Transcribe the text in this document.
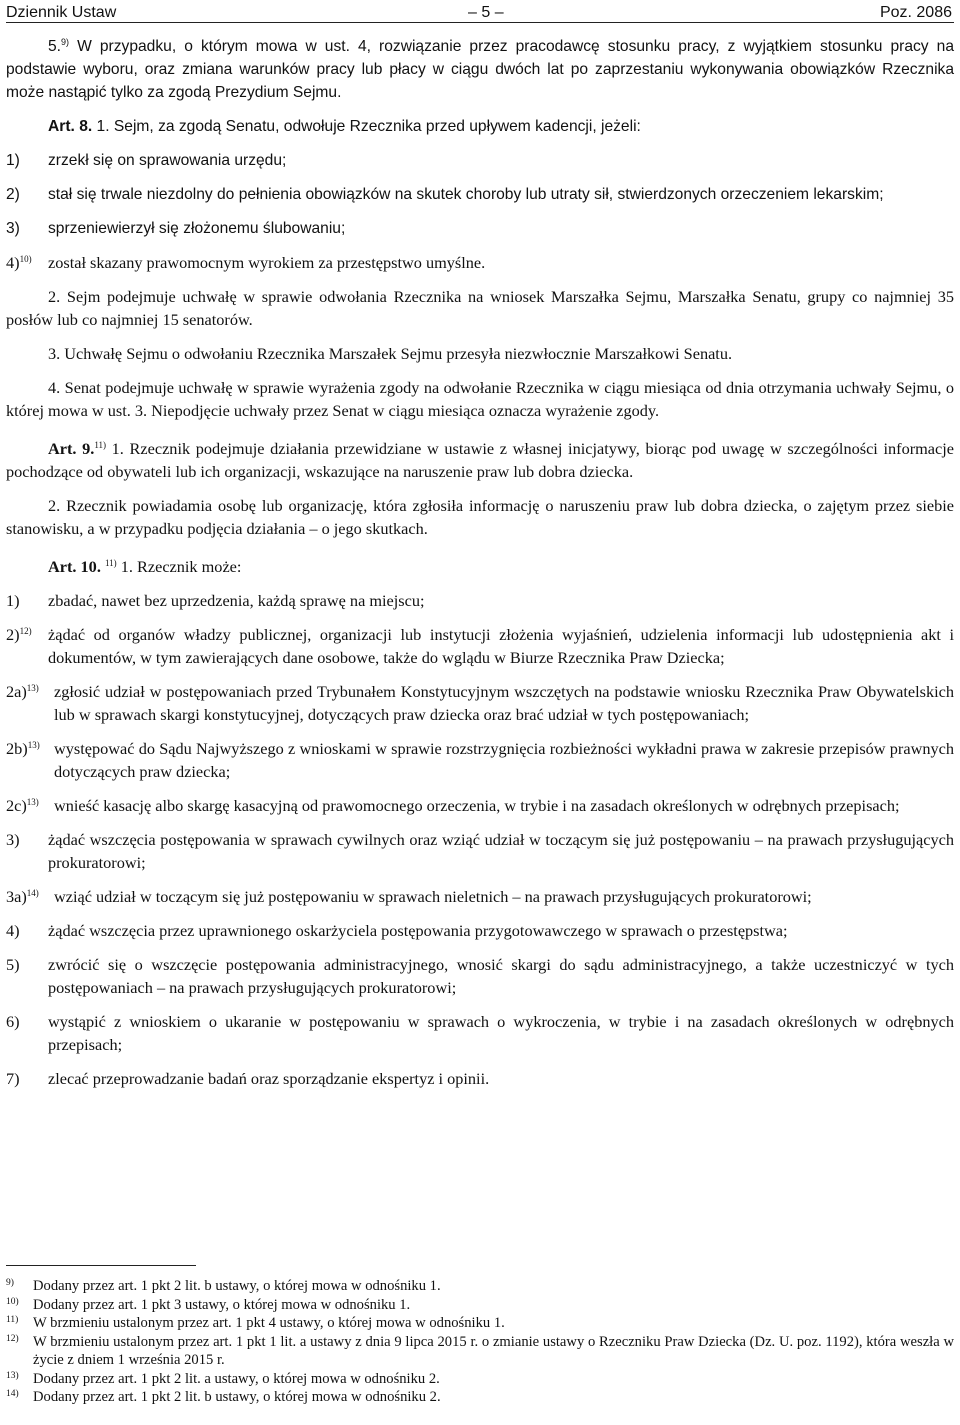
Dziennik Ustaw	– 5 –	Poz. 2086

5.$^{9)}$ W przypadku, o którym mowa w ust. 4, rozwiązanie przez pracodawcę stosunku pracy, z wyjątkiem stosunku pracy na podstawie wyboru, oraz zmiana warunków pracy lub płacy w ciągu dwóch lat po zaprzestaniu wykonywania obowiązków Rzecznika może nastąpić tylko za zgodą Prezydium Sejmu.

Art. 8. 1. Sejm, za zgodą Senatu, odwołuje Rzecznika przed upływem kadencji, jeżeli:

1) zrzekł się on sprawowania urzędu;
2) stał się trwale niezdolny do pełnienia obowiązków na skutek choroby lub utraty sił, stwierdzonych orzeczeniem lekarskim;
3) sprzeniewierzył się złożonemu ślubowaniu;
4)$^{10)}$ został skazany prawomocnym wyrokiem za przestępstwo umyślne.

2. Sejm podejmuje uchwałę w sprawie odwołania Rzecznika na wniosek Marszałka Sejmu, Marszałka Senatu, grupy co najmniej 35 posłów lub co najmniej 15 senatorów.

3. Uchwałę Sejmu o odwołaniu Rzecznika Marszałek Sejmu przesyła niezwłocznie Marszałkowi Senatu.

4. Senat podejmuje uchwałę w sprawie wyrażenia zgody na odwołanie Rzecznika w ciągu miesiąca od dnia otrzymania uchwały Sejmu, o której mowa w ust. 3. Niepodjęcie uchwały przez Senat w ciągu miesiąca oznacza wyrażenie zgody.

Art. 9.$^{11)}$ 1. Rzecznik podejmuje działania przewidziane w ustawie z własnej inicjatywy, biorąc pod uwagę w szczególności informacje pochodzące od obywateli lub ich organizacji, wskazujące na naruszenie praw lub dobra dziecka.

2. Rzecznik powiadamia osobę lub organizację, która zgłosiła informację o naruszeniu praw lub dobra dziecka, o zajętym przez siebie stanowisku, a w przypadku podjęcia działania – o jego skutkach.

Art. 10. $^{11)}$ 1. Rzecznik może:

1) zbadać, nawet bez uprzedzenia, każdą sprawę na miejscu;
2)$^{12)}$ żądać od organów władzy publicznej, organizacji lub instytucji złożenia wyjaśnień, udzielenia informacji lub udostępnienia akt i dokumentów, w tym zawierających dane osobowe, także do wglądu w Biurze Rzecznika Praw Dziecka;
2a)$^{13)}$ zgłosić udział w postępowaniach przed Trybunałem Konstytucyjnym wszczętych na podstawie wniosku Rzecznika Praw Obywatelskich lub w sprawach skargi konstytucyjnej, dotyczących praw dziecka oraz brać udział w tych postępowaniach;
2b)$^{13)}$ występować do Sądu Najwyższego z wnioskami w sprawie rozstrzygnięcia rozbieżności wykładni prawa w zakresie przepisów prawnych dotyczących praw dziecka;
2c)$^{13)}$ wnieść kasację albo skargę kasacyjną od prawomocnego orzeczenia, w trybie i na zasadach określonych w odrębnych przepisach;
3) żądać wszczęcia postępowania w sprawach cywilnych oraz wziąć udział w toczącym się już postępowaniu – na prawach przysługujących prokuratorowi;
3a)$^{14)}$ wziąć udział w toczącym się już postępowaniu w sprawach nieletnich – na prawach przysługujących prokuratorowi;
4) żądać wszczęcia przez uprawnionego oskarżyciela postępowania przygotowawczego w sprawach o przestępstwa;
5) zwrócić się o wszczęcie postępowania administracyjnego, wnosić skargi do sądu administracyjnego, a także uczestniczyć w tych postępowaniach – na prawach przysługujących prokuratorowi;
6) wystąpić z wnioskiem o ukaranie w postępowaniu w sprawach o wykroczenia, w trybie i na zasadach określonych w odrębnych przepisach;
7) zlecać przeprowadzanie badań oraz sporządzanie ekspertyz i opinii.
9) Dodany przez art. 1 pkt 2 lit. b ustawy, o której mowa w odnośniku 1.
10) Dodany przez art. 1 pkt 3 ustawy, o której mowa w odnośniku 1.
11) W brzmieniu ustalonym przez art. 1 pkt 4 ustawy, o której mowa w odnośniku 1.
12) W brzmieniu ustalonym przez art. 1 pkt 1 lit. a ustawy z dnia 9 lipca 2015 r. o zmianie ustawy o Rzeczniku Praw Dziecka (Dz. U. poz. 1192), która weszła w życie z dniem 1 września 2015 r.
13) Dodany przez art. 1 pkt 2 lit. a ustawy, o której mowa w odnośniku 2.
14) Dodany przez art. 1 pkt 2 lit. b ustawy, o której mowa w odnośniku 2.
